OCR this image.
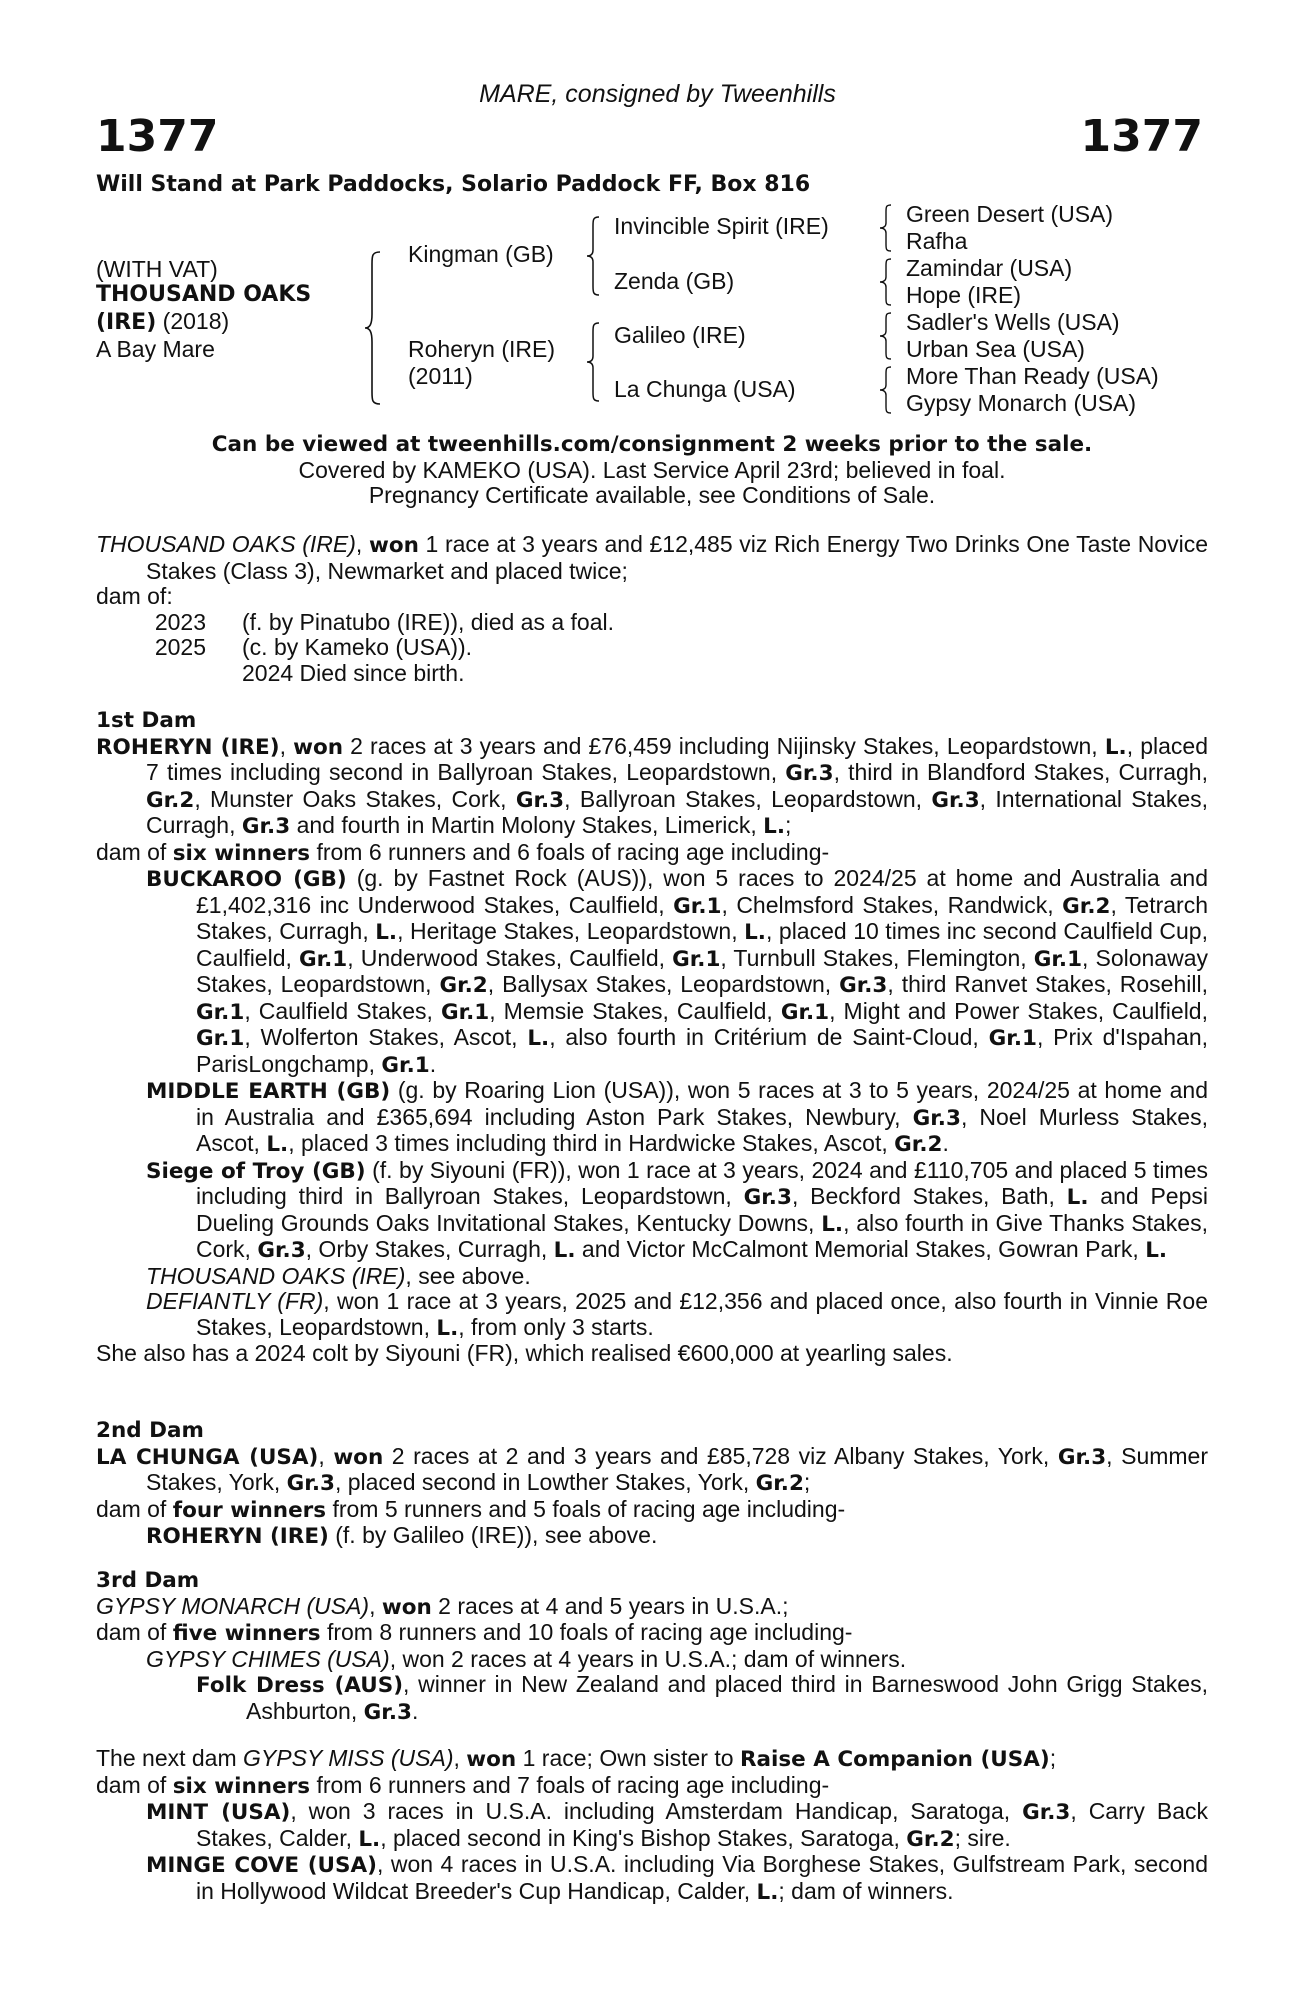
MARE, consigned by Tweenhills
1377	1377
Will Stand at Park Paddocks, Solario Paddock FF, Box 816
(WITH VAT)
THOUSAND OAKS
(IRE) (2018)
A Bay Mare
Kingman (GB)
Roheryn (IRE)
(2011)
Invincible Spirit (IRE)
Zenda (GB)
Galileo (IRE)
La Chunga (USA)
Green Desert (USA)
Rafha
Zamindar (USA)
Hope (IRE)
Sadler's Wells (USA)
Urban Sea (USA)
More Than Ready (USA)
Gypsy Monarch (USA)
Can be viewed at tweenhills.com/consignment 2 weeks prior to the sale.
Covered by KAMEKO (USA). Last Service April 23rd; believed in foal.
Pregnancy Certificate available, see Conditions of Sale.

THOUSAND OAKS (IRE), won 1 race at 3 years and £12,485 viz Rich Energy Two Drinks One Taste Novice Stakes (Class 3), Newmarket and placed twice;

dam of:
2023	(f. by Pinatubo (IRE)), died as a foal.
2025	(c. by Kameko (USA)).
2024 Died since birth.
1st Dam

ROHERYN (IRE), won 2 races at 3 years and £76,459 including Nijinsky Stakes, Leopardstown, L., placed 7 times including second in Ballyroan Stakes, Leopardstown, Gr.3, third in Blandford Stakes, Curragh, Gr.2, Munster Oaks Stakes, Cork, Gr.3, Ballyroan Stakes, Leopardstown, Gr.3, International Stakes, Curragh, Gr.3 and fourth in Martin Molony Stakes, Limerick, L.;

dam of six winners from 6 runners and 6 foals of racing age including-

BUCKAROO (GB) (g. by Fastnet Rock (AUS)), won 5 races to 2024/25 at home and Australia and £1,402,316 inc Underwood Stakes, Caulfield, Gr.1, Chelmsford Stakes, Randwick, Gr.2, Tetrarch Stakes, Curragh, L., Heritage Stakes, Leopardstown, L., placed 10 times inc second Caulfield Cup, Caulfield, Gr.1, Underwood Stakes, Caulfield, Gr.1, Turnbull Stakes, Flemington, Gr.1, Solonaway Stakes, Leopardstown, Gr.2, Ballysax Stakes, Leopardstown, Gr.3, third Ranvet Stakes, Rosehill, Gr.1, Caulfield Stakes, Gr.1, Memsie Stakes, Caulfield, Gr.1, Might and Power Stakes, Caulfield, Gr.1, Wolferton Stakes, Ascot, L., also fourth in Critérium de Saint-Cloud, Gr.1, Prix d'Ispahan, ParisLongchamp, Gr.1.

MIDDLE EARTH (GB) (g. by Roaring Lion (USA)), won 5 races at 3 to 5 years, 2024/25 at home and in Australia and £365,694 including Aston Park Stakes, Newbury, Gr.3, Noel Murless Stakes, Ascot, L., placed 3 times including third in Hardwicke Stakes, Ascot, Gr.2.

Siege of Troy (GB) (f. by Siyouni (FR)), won 1 race at 3 years, 2024 and £110,705 and placed 5 times including third in Ballyroan Stakes, Leopardstown, Gr.3, Beckford Stakes, Bath, L. and Pepsi Dueling Grounds Oaks Invitational Stakes, Kentucky Downs, L., also fourth in Give Thanks Stakes, Cork, Gr.3, Orby Stakes, Curragh, L. and Victor McCalmont Memorial Stakes, Gowran Park, L.

THOUSAND OAKS (IRE), see above.

DEFIANTLY (FR), won 1 race at 3 years, 2025 and £12,356 and placed once, also fourth in Vinnie Roe Stakes, Leopardstown, L., from only 3 starts.

She also has a 2024 colt by Siyouni (FR), which realised €600,000 at yearling sales.

2nd Dam

LA CHUNGA (USA), won 2 races at 2 and 3 years and £85,728 viz Albany Stakes, York, Gr.3, Summer Stakes, York, Gr.3, placed second in Lowther Stakes, York, Gr.2;

dam of four winners from 5 runners and 5 foals of racing age including-

ROHERYN (IRE) (f. by Galileo (IRE)), see above.

3rd Dam

GYPSY MONARCH (USA), won 2 races at 4 and 5 years in U.S.A.;

dam of five winners from 8 runners and 10 foals of racing age including-

GYPSY CHIMES (USA), won 2 races at 4 years in U.S.A.; dam of winners.

Folk Dress (AUS), winner in New Zealand and placed third in Barneswood John Grigg Stakes, Ashburton, Gr.3.

The next dam GYPSY MISS (USA), won 1 race; Own sister to Raise A Companion (USA);

dam of six winners from 6 runners and 7 foals of racing age including-

MINT (USA), won 3 races in U.S.A. including Amsterdam Handicap, Saratoga, Gr.3, Carry Back Stakes, Calder, L., placed second in King's Bishop Stakes, Saratoga, Gr.2; sire.

MINGE COVE (USA), won 4 races in U.S.A. including Via Borghese Stakes, Gulfstream Park, second in Hollywood Wildcat Breeder's Cup Handicap, Calder, L.; dam of winners.
